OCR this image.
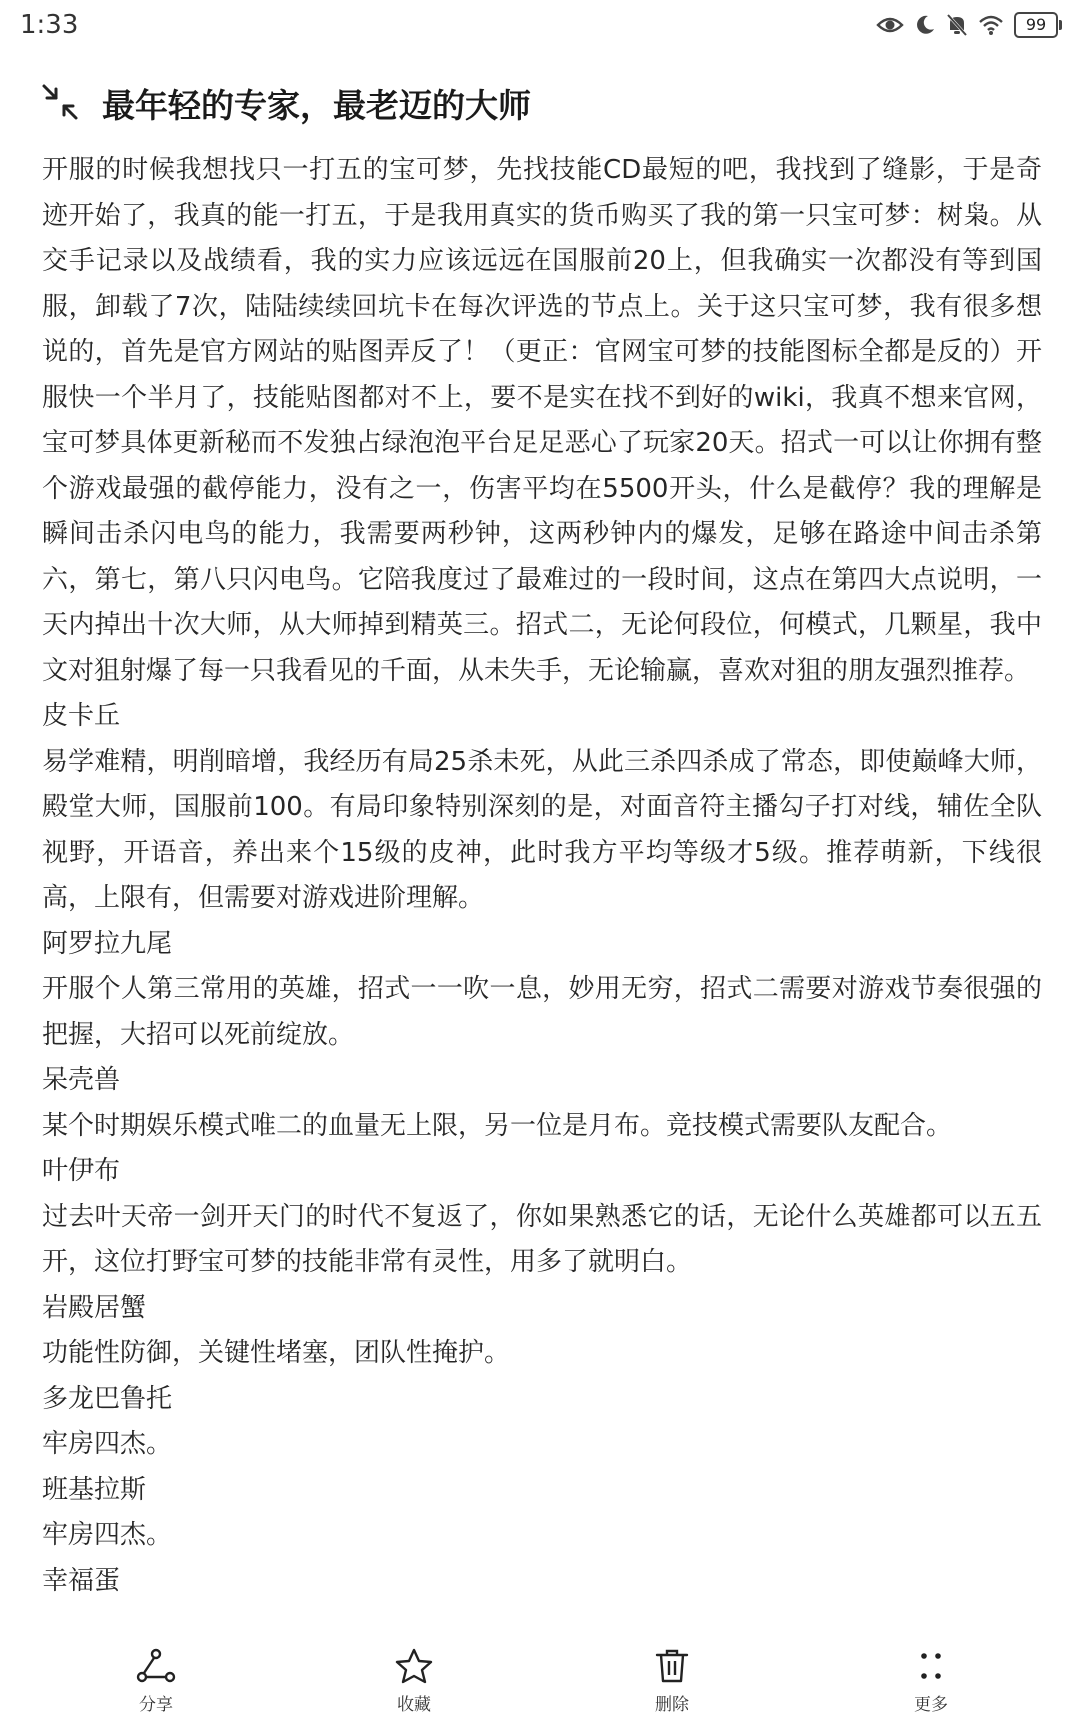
1:33	99
最年轻的专家，最老迈的大师

开服的时候我想找只一打五的宝可梦，先找技能CD最短的吧，我找到了缝影，于是奇迹开始了，我真的能一打五，于是我用真实的货币购买了我的第一只宝可梦：树枭。从交手记录以及战绩看，我的实力应该远远在国服前20上，但我确实一次都没有等到国服，卸载了7次，陆陆续续回坑卡在每次评选的节点上。关于这只宝可梦，我有很多想说的，首先是官方网站的贴图弄反了！（更正：官网宝可梦的技能图标全都是反的）开服快一个半月了，技能贴图都对不上，要不是实在找不到好的wiki，我真不想来官网，宝可梦具体更新秘而不发独占绿泡泡平台足足恶心了玩家20天。招式一可以让你拥有整个游戏最强的截停能力，没有之一，伤害平均在5500开头，什么是截停？我的理解是瞬间击杀闪电鸟的能力，我需要两秒钟，这两秒钟内的爆发，足够在路途中间击杀第六，第七，第八只闪电鸟。它陪我度过了最难过的一段时间，这点在第四大点说明，一天内掉出十次大师，从大师掉到精英三。招式二，无论何段位，何模式，几颗星，我中文对狙射爆了每一只我看见的千面，从未失手，无论输赢，喜欢对狙的朋友强烈推荐。

皮卡丘

易学难精，明削暗增，我经历有局25杀未死，从此三杀四杀成了常态，即使巅峰大师，殿堂大师，国服前100。有局印象特别深刻的是，对面音符主播勾子打对线，辅佐全队视野，开语音，养出来个15级的皮神，此时我方平均等级才5级。推荐萌新，下线很高，上限有，但需要对游戏进阶理解。

阿罗拉九尾

开服个人第三常用的英雄，招式一一吹一息，妙用无穷，招式二需要对游戏节奏很强的把握，大招可以死前绽放。

呆壳兽

某个时期娱乐模式唯二的血量无上限，另一位是月布。竞技模式需要队友配合。

叶伊布

过去叶天帝一剑开天门的时代不复返了，你如果熟悉它的话，无论什么英雄都可以五五开，这位打野宝可梦的技能非常有灵性，用多了就明白。

岩殿居蟹

功能性防御，关键性堵塞，团队性掩护。

多龙巴鲁托

牢房四杰。

班基拉斯

牢房四杰。

幸福蛋

分享	收藏	删除	更多
